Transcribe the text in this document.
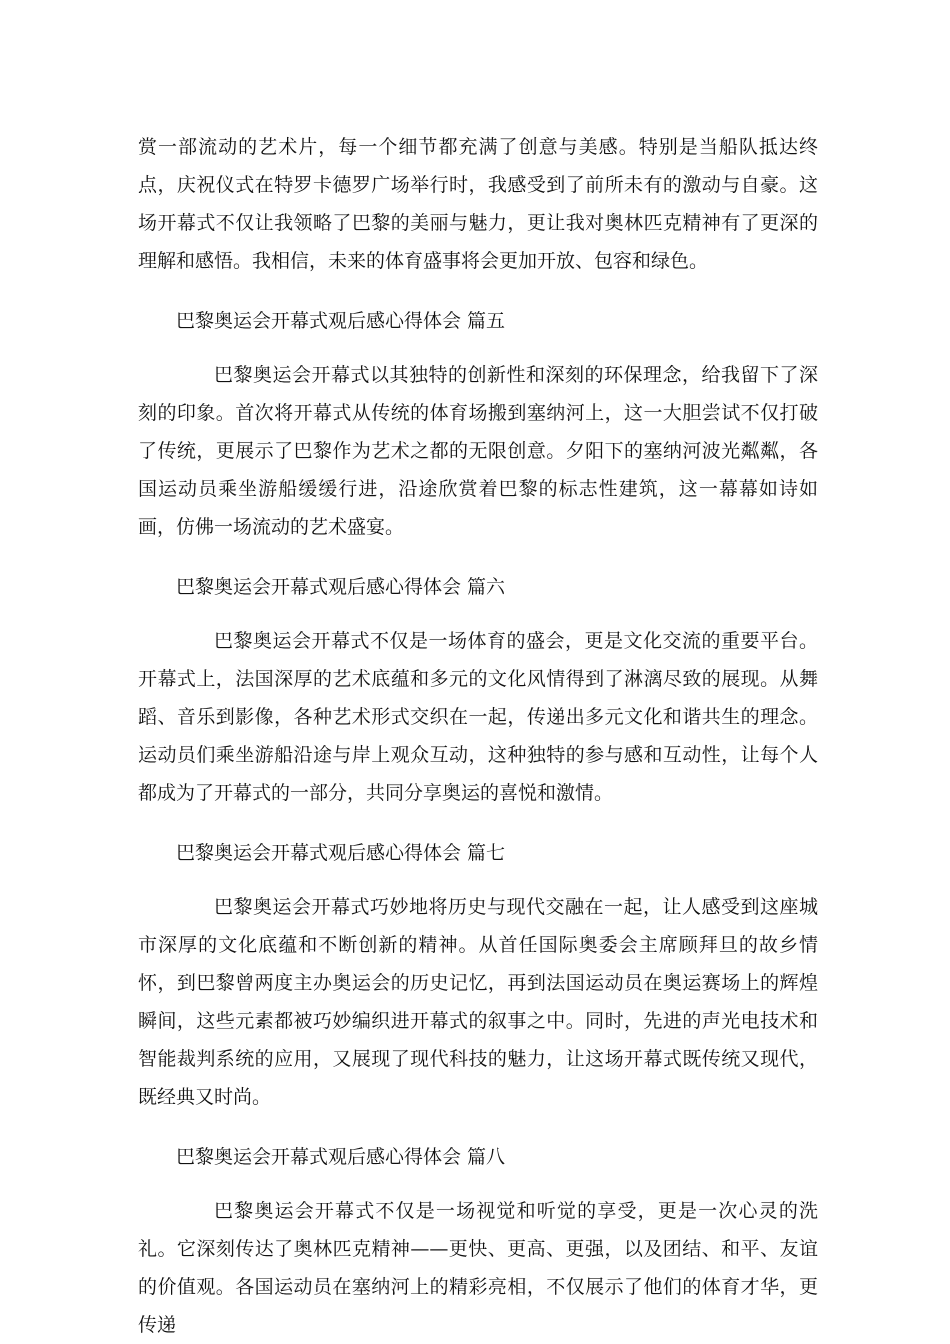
赏一部流动的艺术片，每一个细节都充满了创意与美感。特别是当船队抵达终点，庆祝仪式在特罗卡德罗广场举行时，我感受到了前所未有的激动与自豪。这场开幕式不仅让我领略了巴黎的美丽与魅力，更让我对奥林匹克精神有了更深的理解和感悟。我相信，未来的体育盛事将会更加开放、包容和绿色。

巴黎奥运会开幕式观后感心得体会 篇五

巴黎奥运会开幕式以其独特的创新性和深刻的环保理念，给我留下了深刻的印象。首次将开幕式从传统的体育场搬到塞纳河上，这一大胆尝试不仅打破了传统，更展示了巴黎作为艺术之都的无限创意。夕阳下的塞纳河波光粼粼，各国运动员乘坐游船缓缓行进，沿途欣赏着巴黎的标志性建筑，这一幕幕如诗如画，仿佛一场流动的艺术盛宴。

巴黎奥运会开幕式观后感心得体会 篇六

巴黎奥运会开幕式不仅是一场体育的盛会，更是文化交流的重要平台。开幕式上，法国深厚的艺术底蕴和多元的文化风情得到了淋漓尽致的展现。从舞蹈、音乐到影像，各种艺术形式交织在一起，传递出多元文化和谐共生的理念。运动员们乘坐游船沿途与岸上观众互动，这种独特的参与感和互动性，让每个人都成为了开幕式的一部分，共同分享奥运的喜悦和激情。

巴黎奥运会开幕式观后感心得体会 篇七

巴黎奥运会开幕式巧妙地将历史与现代交融在一起，让人感受到这座城市深厚的文化底蕴和不断创新的精神。从首任国际奥委会主席顾拜旦的故乡情怀，到巴黎曾两度主办奥运会的历史记忆，再到法国运动员在奥运赛场上的辉煌瞬间，这些元素都被巧妙编织进开幕式的叙事之中。同时，先进的声光电技术和智能裁判系统的应用，又展现了现代科技的魅力，让这场开幕式既传统又现代，既经典又时尚。

巴黎奥运会开幕式观后感心得体会 篇八

巴黎奥运会开幕式不仅是一场视觉和听觉的享受，更是一次心灵的洗礼。它深刻传达了奥林匹克精神——更快、更高、更强，以及团结、和平、友谊的价值观。各国运动员在塞纳河上的精彩亮相，不仅展示了他们的体育才华，更传递
